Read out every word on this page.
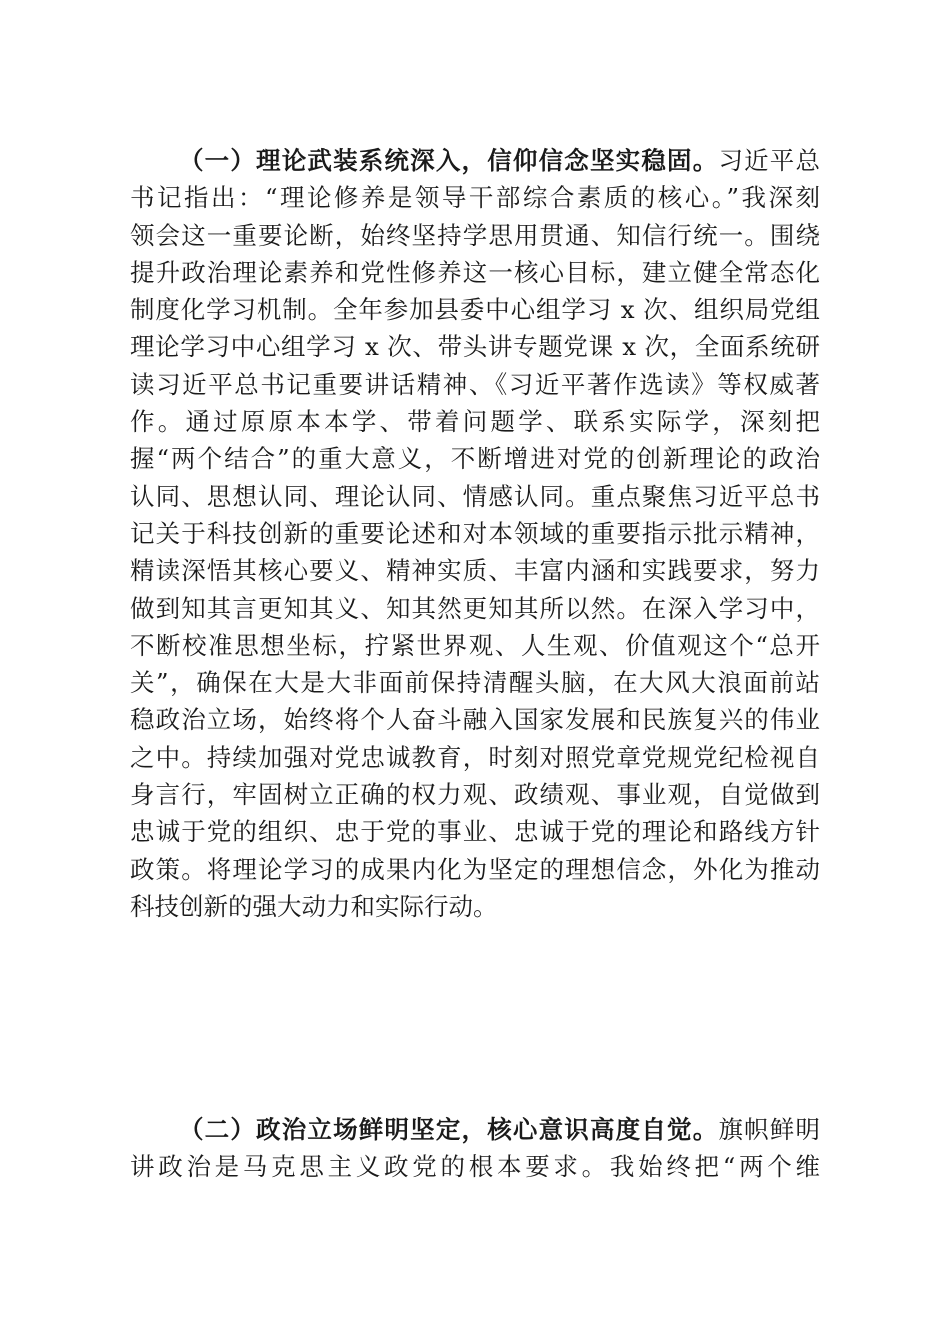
（一）理论武装系统深入，信仰信念坚实稳固。习近平总
书记指出：“理论修养是领导干部综合素质的核心。”我深刻
领会这一重要论断，始终坚持学思用贯通、知信行统一。围绕
提升政治理论素养和党性修养这一核心目标，建立健全常态化
制度化学习机制。全年参加县委中心组学习 x 次、组织局党组
理论学习中心组学习 x 次、带头讲专题党课 x 次，全面系统研
读习近平总书记重要讲话精神、《习近平著作选读》等权威著
作。通过原原本本学、带着问题学、联系实际学，深刻把
握“两个结合”的重大意义，不断增进对党的创新理论的政治
认同、思想认同、理论认同、情感认同。重点聚焦习近平总书
记关于科技创新的重要论述和对本领域的重要指示批示精神，
精读深悟其核心要义、精神实质、丰富内涵和实践要求，努力
做到知其言更知其义、知其然更知其所以然。在深入学习中，
不断校准思想坐标，拧紧世界观、人生观、价值观这个“总开
关”，确保在大是大非面前保持清醒头脑，在大风大浪面前站
稳政治立场，始终将个人奋斗融入国家发展和民族复兴的伟业
之中。持续加强对党忠诚教育，时刻对照党章党规党纪检视自
身言行，牢固树立正确的权力观、政绩观、事业观，自觉做到
忠诚于党的组织、忠于党的事业、忠诚于党的理论和路线方针
政策。将理论学习的成果内化为坚定的理想信念，外化为推动
科技创新的强大动力和实际行动。
（二）政治立场鲜明坚定，核心意识高度自觉。旗帜鲜明
讲政治是马克思主义政党的根本要求。我始终把“两个维
